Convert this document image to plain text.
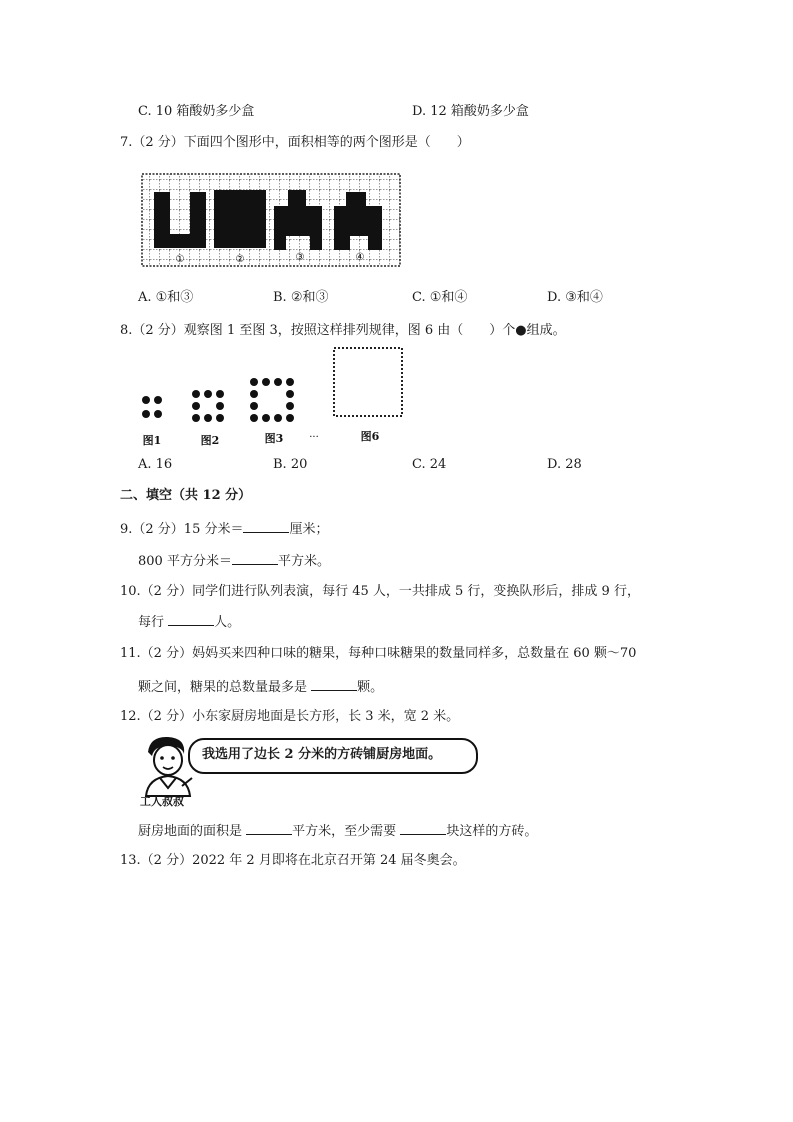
C. 10 箱酸奶多少盒	D. 12 箱酸奶多少盒
7.（2 分）下面四个图形中，面积相等的两个图形是（　　）
①	②	③	④
A. ①和③	B. ②和③	C. ①和④	D. ③和④
8.（2 分）观察图 1 至图 3，按照这样排列规律，图 6 由（　　）个●组成。
图1	图2	图3	···	图6
A. 16	B. 20	C. 24	D. 28
二、填空（共 12 分）
9.（2 分）15 分米＝	厘米；
800 平方分米＝	平方米。
10.（2 分）同学们进行队列表演，每行 45 人，一共排成 5 行，变换队形后，排成 9 行，
每行	人。
11.（2 分）妈妈买来四种口味的糖果，每种口味糖果的数量同样多，总数量在 60 颗～70
颗之间，糖果的总数量最多是	颗。
12.（2 分）小东家厨房地面是长方形，长 3 米，宽 2 米。
工人叔叔
我选用了边长 2 分米的方砖铺厨房地面。
厨房地面的面积是	平方米，至少需要	块这样的方砖。
13.（2 分）2022 年 2 月即将在北京召开第 24 届冬奥会。
